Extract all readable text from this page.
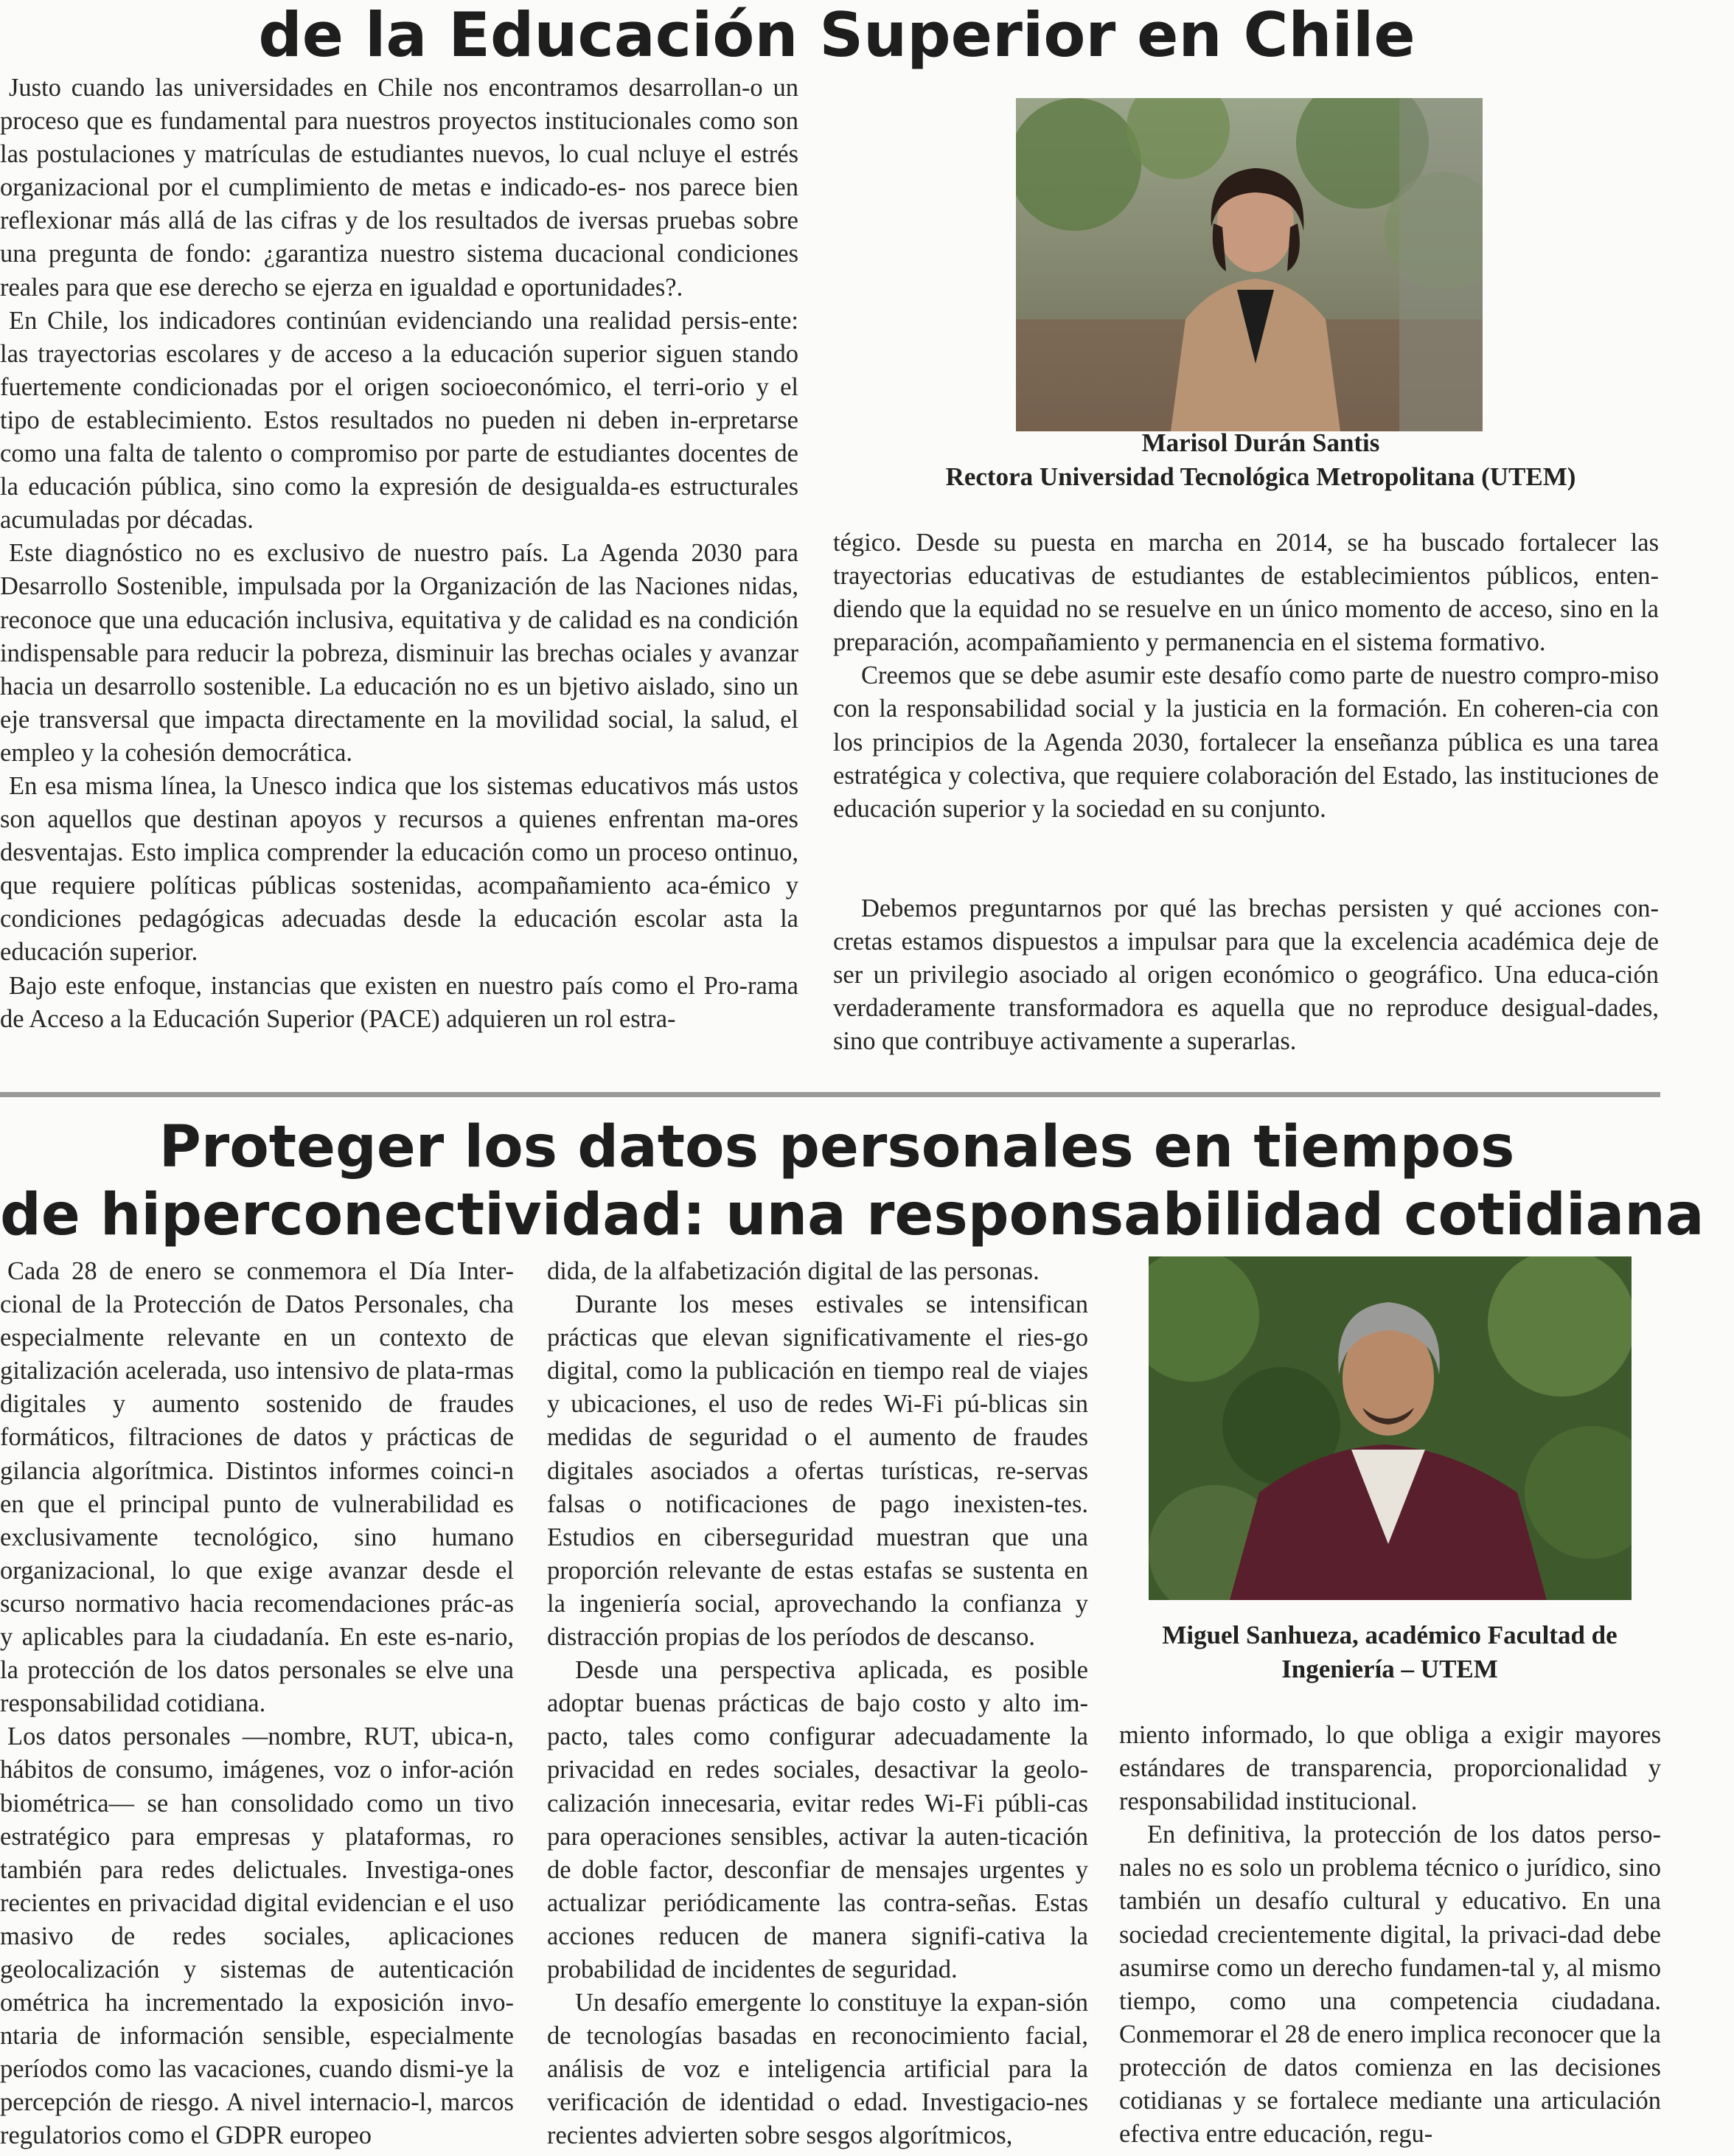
de la Educación Superior en Chile

Justo cuando las universidades en Chile nos encontramos desarrollan-o un proceso que es fundamental para nuestros proyectos institucionales como son las postulaciones y matrículas de estudiantes nuevos, lo cual ncluye el estrés organizacional por el cumplimiento de metas e indicado-es- nos parece bien reflexionar más allá de las cifras y de los resultados de iversas pruebas sobre una pregunta de fondo: ¿garantiza nuestro sistema ducacional condiciones reales para que ese derecho se ejerza en igualdad e oportunidades?.

En Chile, los indicadores continúan evidenciando una realidad persis-ente: las trayectorias escolares y de acceso a la educación superior siguen stando fuertemente condicionadas por el origen socioeconómico, el terri-orio y el tipo de establecimiento. Estos resultados no pueden ni deben in-erpretarse como una falta de talento o compromiso por parte de estudiantes docentes de la educación pública, sino como la expresión de desigualda-es estructurales acumuladas por décadas.

Este diagnóstico no es exclusivo de nuestro país. La Agenda 2030 para Desarrollo Sostenible, impulsada por la Organización de las Naciones nidas, reconoce que una educación inclusiva, equitativa y de calidad es na condición indispensable para reducir la pobreza, disminuir las brechas ociales y avanzar hacia un desarrollo sostenible. La educación no es un bjetivo aislado, sino un eje transversal que impacta directamente en la movilidad social, la salud, el empleo y la cohesión democrática.

En esa misma línea, la Unesco indica que los sistemas educativos más ustos son aquellos que destinan apoyos y recursos a quienes enfrentan ma-ores desventajas. Esto implica comprender la educación como un proceso ontinuo, que requiere políticas públicas sostenidas, acompañamiento aca-émico y condiciones pedagógicas adecuadas desde la educación escolar asta la educación superior.

Bajo este enfoque, instancias que existen en nuestro país como el Pro-rama de Acceso a la Educación Superior (PACE) adquieren un rol estra-

Marisol Durán Santis
Rectora Universidad Tecnológica Metropolitana (UTEM)

tégico. Desde su puesta en marcha en 2014, se ha buscado fortalecer las trayectorias educativas de estudiantes de establecimientos públicos, enten-diendo que la equidad no se resuelve en un único momento de acceso, sino en la preparación, acompañamiento y permanencia en el sistema formativo.

Creemos que se debe asumir este desafío como parte de nuestro compro-miso con la responsabilidad social y la justicia en la formación. En coheren-cia con los principios de la Agenda 2030, fortalecer la enseñanza pública es una tarea estratégica y colectiva, que requiere colaboración del Estado, las instituciones de educación superior y la sociedad en su conjunto.

Debemos preguntarnos por qué las brechas persisten y qué acciones con-cretas estamos dispuestos a impulsar para que la excelencia académica deje de ser un privilegio asociado al origen económico o geográfico. Una educa-ción verdaderamente transformadora es aquella que no reproduce desigual-dades, sino que contribuye activamente a superarlas.

Proteger los datos personales en tiempos
de hiperconectividad: una responsabilidad cotidiana

Cada 28 de enero se conmemora el Día Inter-cional de la Protección de Datos Personales, cha especialmente relevante en un contexto de gitalización acelerada, uso intensivo de plata-rmas digitales y aumento sostenido de fraudes formáticos, filtraciones de datos y prácticas de gilancia algorítmica. Distintos informes coinci-n en que el principal punto de vulnerabilidad es exclusivamente tecnológico, sino humano organizacional, lo que exige avanzar desde el scurso normativo hacia recomendaciones prác-as y aplicables para la ciudadanía. En este es-nario, la protección de los datos personales se elve una responsabilidad cotidiana.

Los datos personales —nombre, RUT, ubica-n, hábitos de consumo, imágenes, voz o infor-ación biométrica— se han consolidado como un tivo estratégico para empresas y plataformas, ro también para redes delictuales. Investiga-ones recientes en privacidad digital evidencian e el uso masivo de redes sociales, aplicaciones geolocalización y sistemas de autenticación ométrica ha incrementado la exposición invo-ntaria de información sensible, especialmente períodos como las vacaciones, cuando dismi-ye la percepción de riesgo. A nivel internacio-l, marcos regulatorios como el GDPR europeo

dida, de la alfabetización digital de las personas.

Durante los meses estivales se intensifican prácticas que elevan significativamente el ries-go digital, como la publicación en tiempo real de viajes y ubicaciones, el uso de redes Wi-Fi pú-blicas sin medidas de seguridad o el aumento de fraudes digitales asociados a ofertas turísticas, re-servas falsas o notificaciones de pago inexisten-tes. Estudios en ciberseguridad muestran que una proporción relevante de estas estafas se sustenta en la ingeniería social, aprovechando la confianza y distracción propias de los períodos de descanso.

Desde una perspectiva aplicada, es posible adoptar buenas prácticas de bajo costo y alto im-pacto, tales como configurar adecuadamente la privacidad en redes sociales, desactivar la geolo-calización innecesaria, evitar redes Wi-Fi públi-cas para operaciones sensibles, activar la auten-ticación de doble factor, desconfiar de mensajes urgentes y actualizar periódicamente las contra-señas. Estas acciones reducen de manera signifi-cativa la probabilidad de incidentes de seguridad.

Un desafío emergente lo constituye la expan-sión de tecnologías basadas en reconocimiento facial, análisis de voz e inteligencia artificial para la verificación de identidad o edad. Investigacio-nes recientes advierten sobre sesgos algorítmicos,

Miguel Sanhueza, académico Facultad de
Ingeniería – UTEM

miento informado, lo que obliga a exigir mayores estándares de transparencia, proporcionalidad y responsabilidad institucional.

En definitiva, la protección de los datos perso-nales no es solo un problema técnico o jurídico, sino también un desafío cultural y educativo. En una sociedad crecientemente digital, la privaci-dad debe asumirse como un derecho fundamen-tal y, al mismo tiempo, como una competencia ciudadana. Conmemorar el 28 de enero implica reconocer que la protección de datos comienza en las decisiones cotidianas y se fortalece mediante una articulación efectiva entre educación, regu-
